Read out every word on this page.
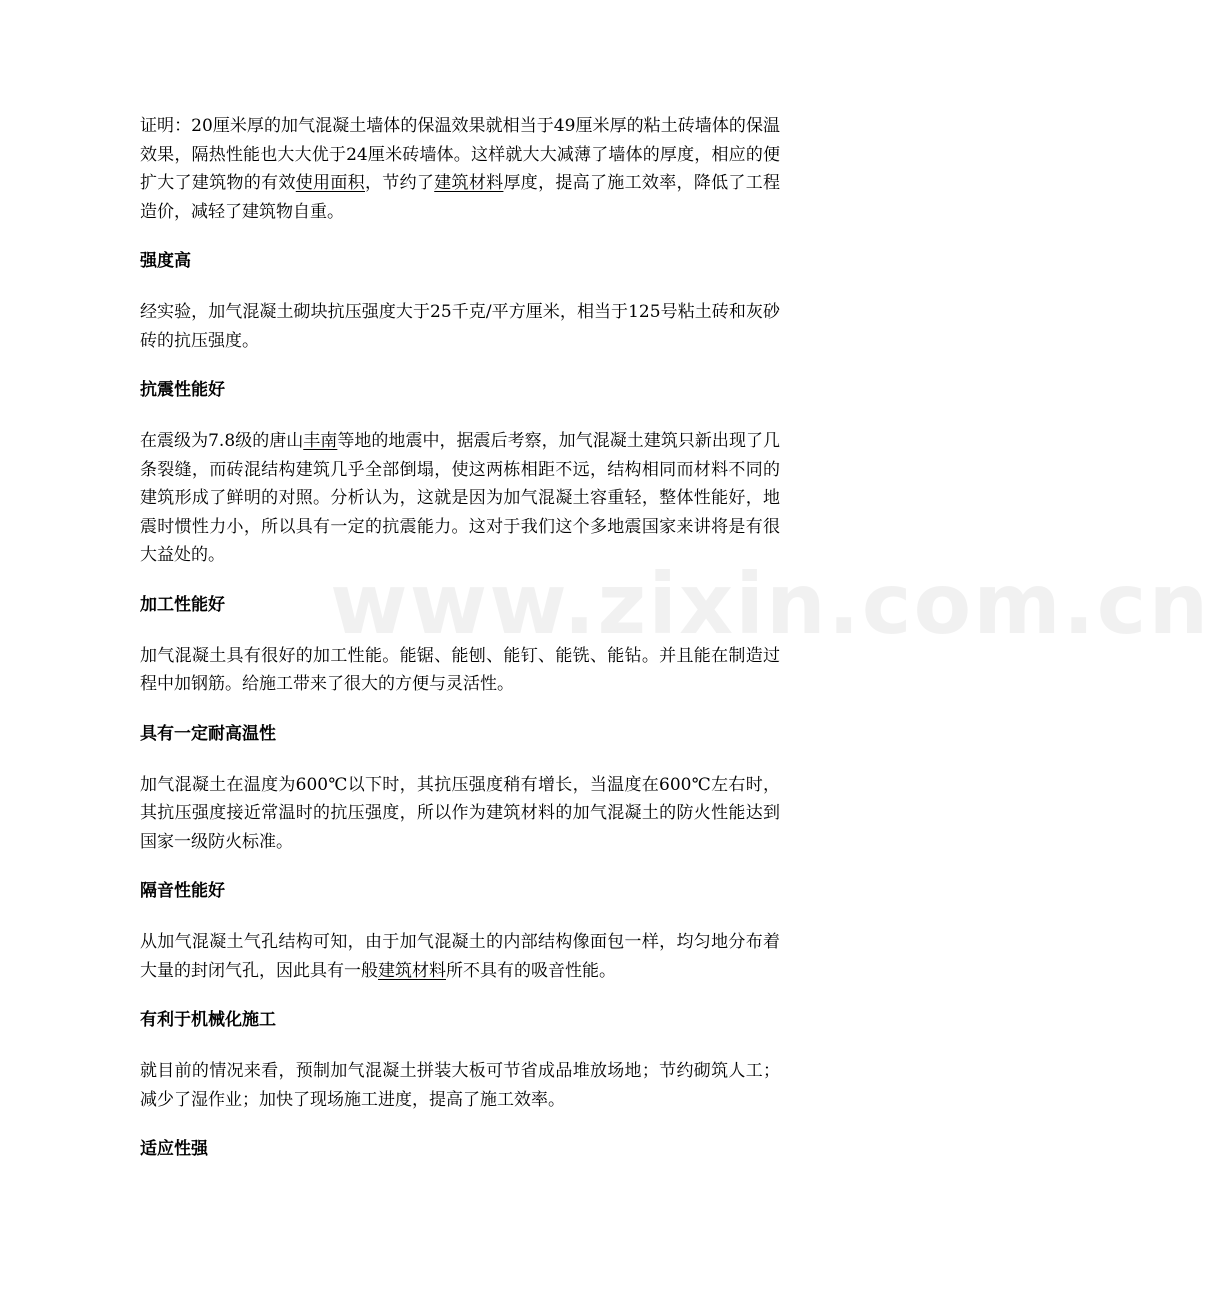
www.zixin.com.cn

证明：20厘米厚的加气混凝土墙体的保温效果就相当于49厘米厚的粘土砖墙体的保温效果，隔热性能也大大优于24厘米砖墙体。这样就大大减薄了墙体的厚度，相应的便扩大了建筑物的有效使用面积，节约了建筑材料厚度，提高了施工效率，降低了工程造价，减轻了建筑物自重。

强度高

经实验，加气混凝土砌块抗压强度大于25千克/平方厘米，相当于125号粘土砖和灰砂砖的抗压强度。

抗震性能好

在震级为7.8级的唐山丰南等地的地震中，据震后考察，加气混凝土建筑只新出现了几条裂缝，而砖混结构建筑几乎全部倒塌，使这两栋相距不远，结构相同而材料不同的建筑形成了鲜明的对照。分析认为，这就是因为加气混凝土容重轻，整体性能好，地震时惯性力小，所以具有一定的抗震能力。这对于我们这个多地震国家来讲将是有很大益处的。

加工性能好

加气混凝土具有很好的加工性能。能锯、能刨、能钉、能铣、能钻。并且能在制造过程中加钢筋。给施工带来了很大的方便与灵活性。

具有一定耐高温性

加气混凝土在温度为600℃以下时，其抗压强度稍有增长，当温度在600℃左右时，其抗压强度接近常温时的抗压强度，所以作为建筑材料的加气混凝土的防火性能达到国家一级防火标准。

隔音性能好

从加气混凝土气孔结构可知，由于加气混凝土的内部结构像面包一样，均匀地分布着大量的封闭气孔，因此具有一般建筑材料所不具有的吸音性能。

有利于机械化施工

就目前的情况来看，预制加气混凝土拼装大板可节省成品堆放场地；节约砌筑人工；减少了湿作业；加快了现场施工进度，提高了施工效率。

适应性强
